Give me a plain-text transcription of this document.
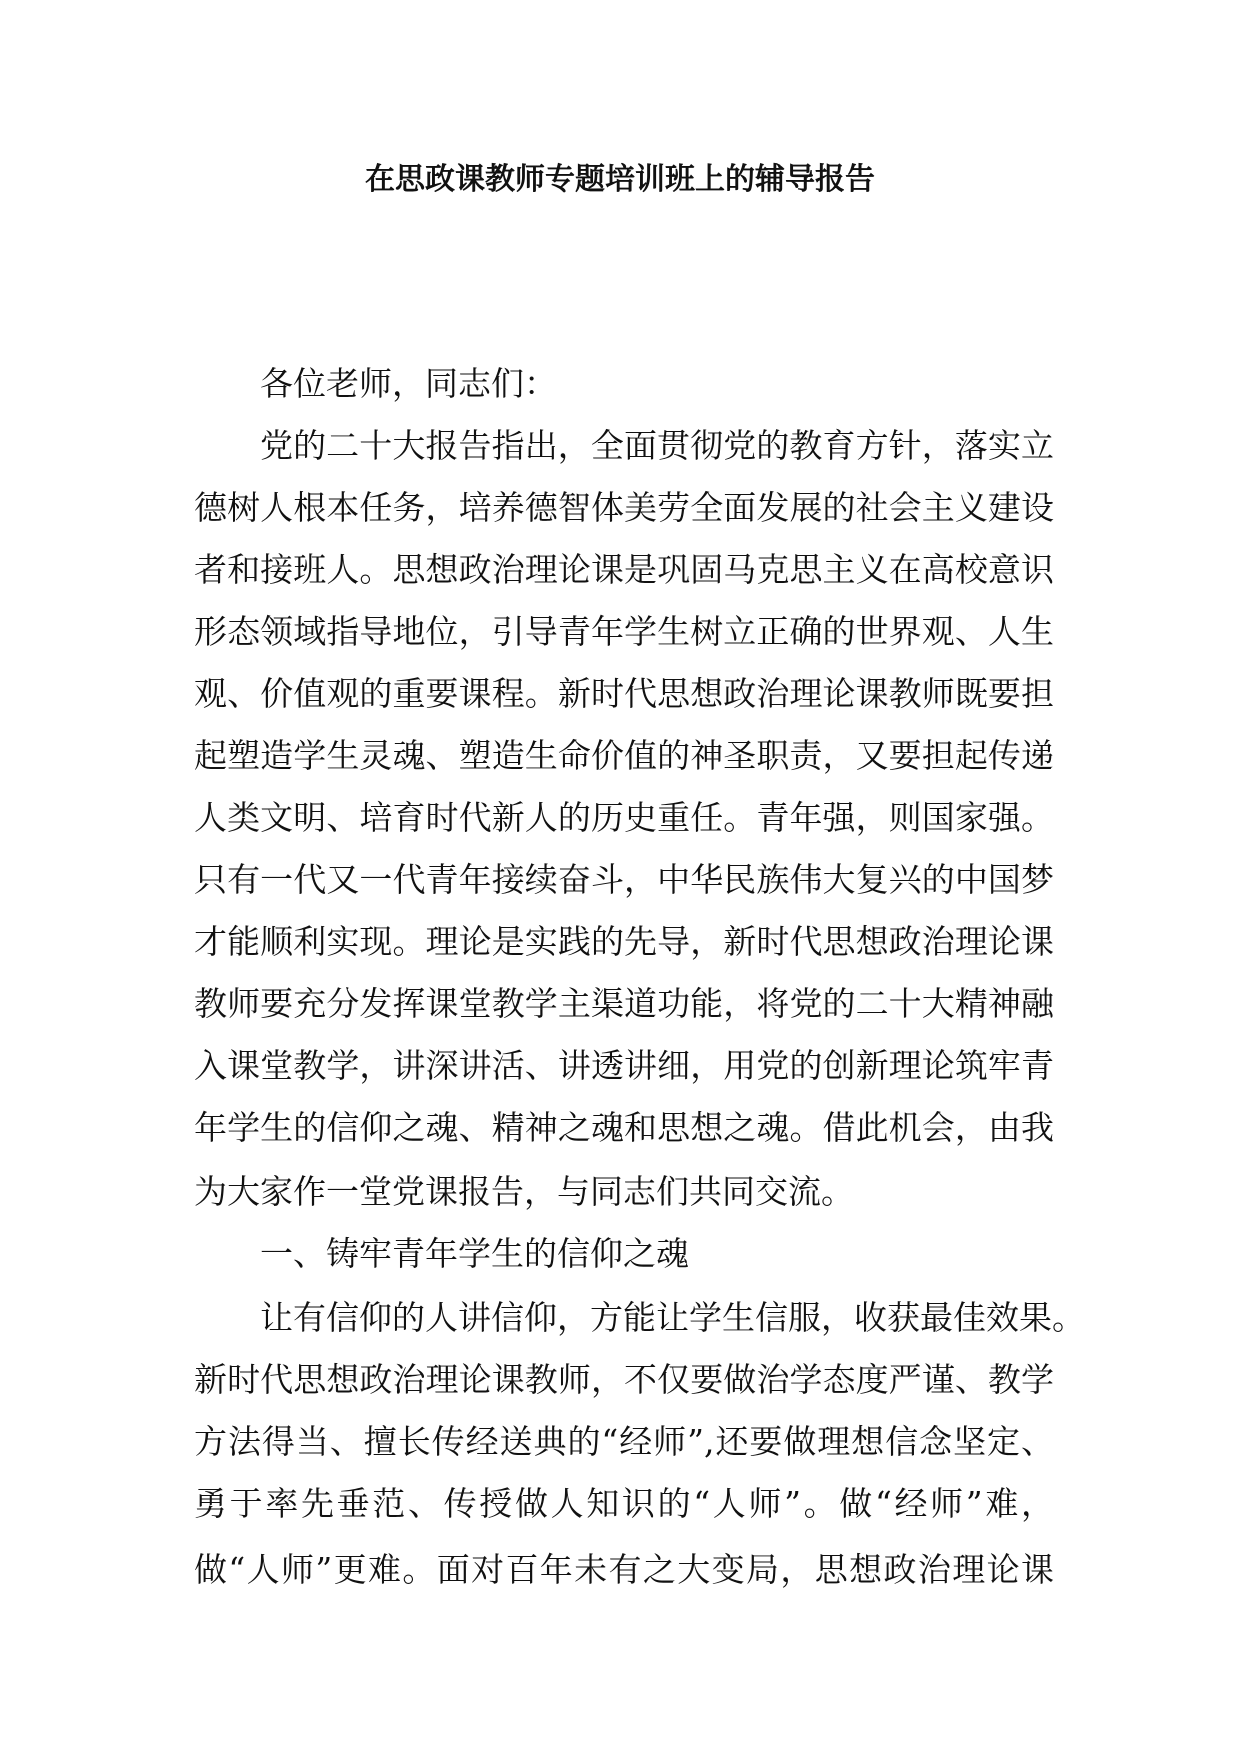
在思政课教师专题培训班上的辅导报告
各位老师，同志们：
党的二十大报告指出，全面贯彻党的教育方针，落实立
德树人根本任务，培养德智体美劳全面发展的社会主义建设
者和接班人。思想政治理论课是巩固马克思主义在高校意识
形态领域指导地位，引导青年学生树立正确的世界观、人生
观、价值观的重要课程。新时代思想政治理论课教师既要担
起塑造学生灵魂、塑造生命价值的神圣职责，又要担起传递
人类文明、培育时代新人的历史重任。青年强，则国家强。
只有一代又一代青年接续奋斗，中华民族伟大复兴的中国梦
才能顺利实现。理论是实践的先导，新时代思想政治理论课
教师要充分发挥课堂教学主渠道功能，将党的二十大精神融
入课堂教学，讲深讲活、讲透讲细，用党的创新理论筑牢青
年学生的信仰之魂、精神之魂和思想之魂。借此机会，由我
为大家作一堂党课报告，与同志们共同交流。
一、铸牢青年学生的信仰之魂
让有信仰的人讲信仰，方能让学生信服，收获最佳效果。
新时代思想政治理论课教师，不仅要做治学态度严谨、教学
方法得当、擅长传经送典的“经师”,还要做理想信念坚定、
勇于率先垂范、传授做人知识的“人师”。做“经师”难，
做“人师”更难。面对百年未有之大变局，思想政治理论课
